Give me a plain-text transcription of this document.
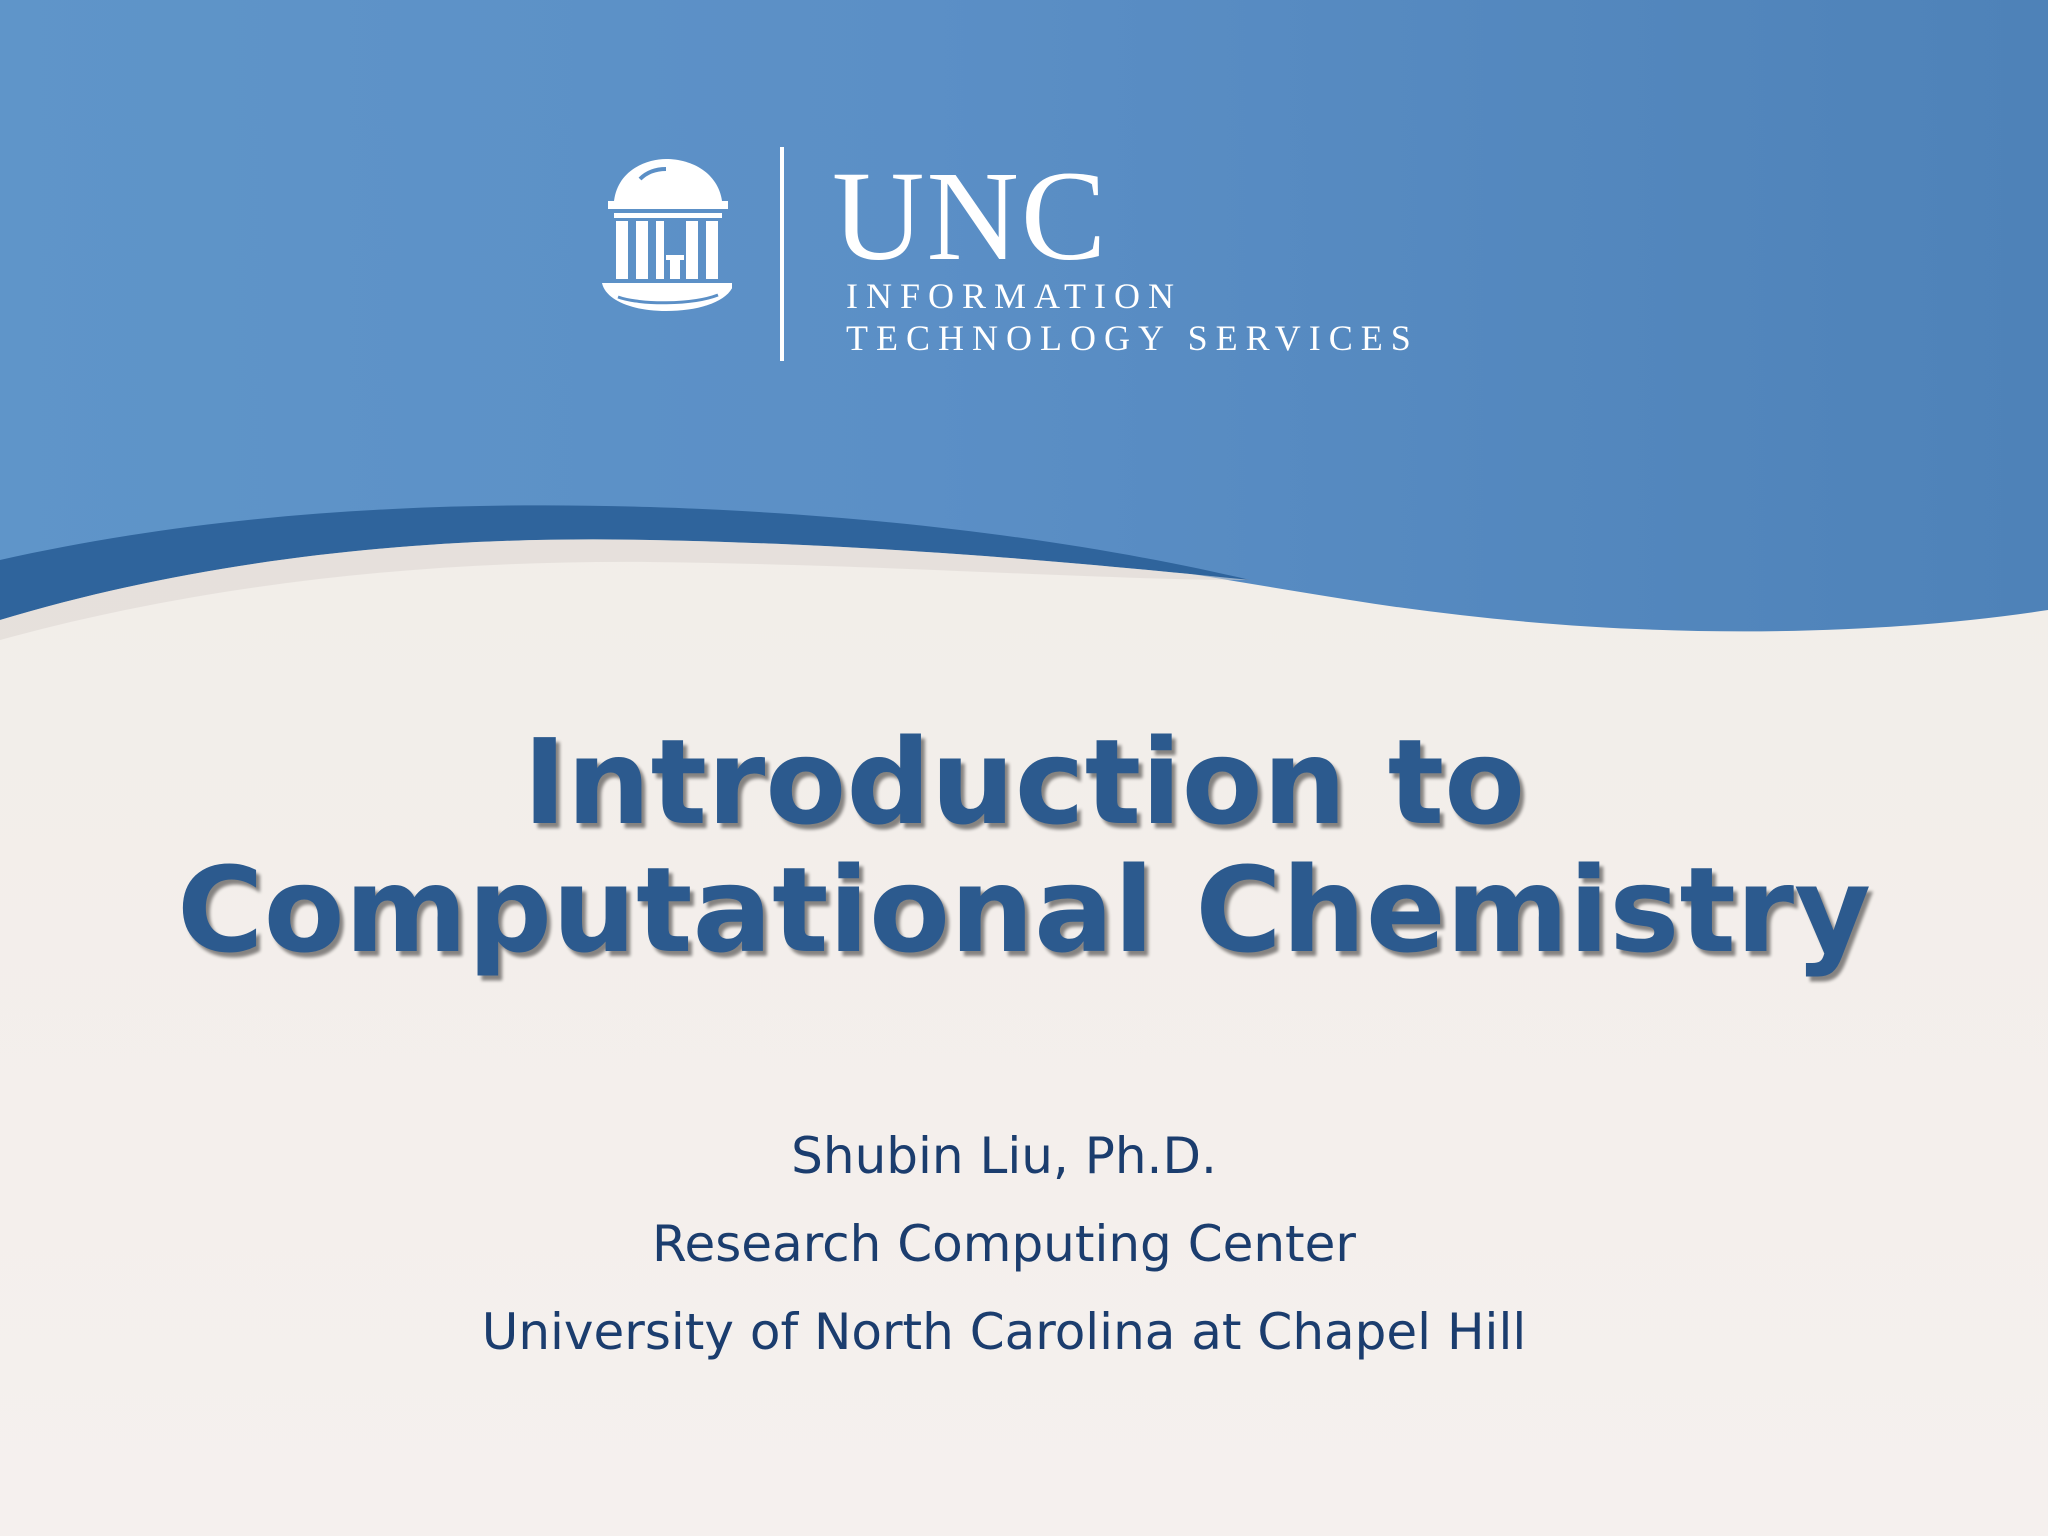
UNC
INFORMATION
TECHNOLOGY SERVICES
Introduction to
Computational Chemistry
Shubin Liu, Ph.D.
Research Computing Center
University of North Carolina at Chapel Hill
